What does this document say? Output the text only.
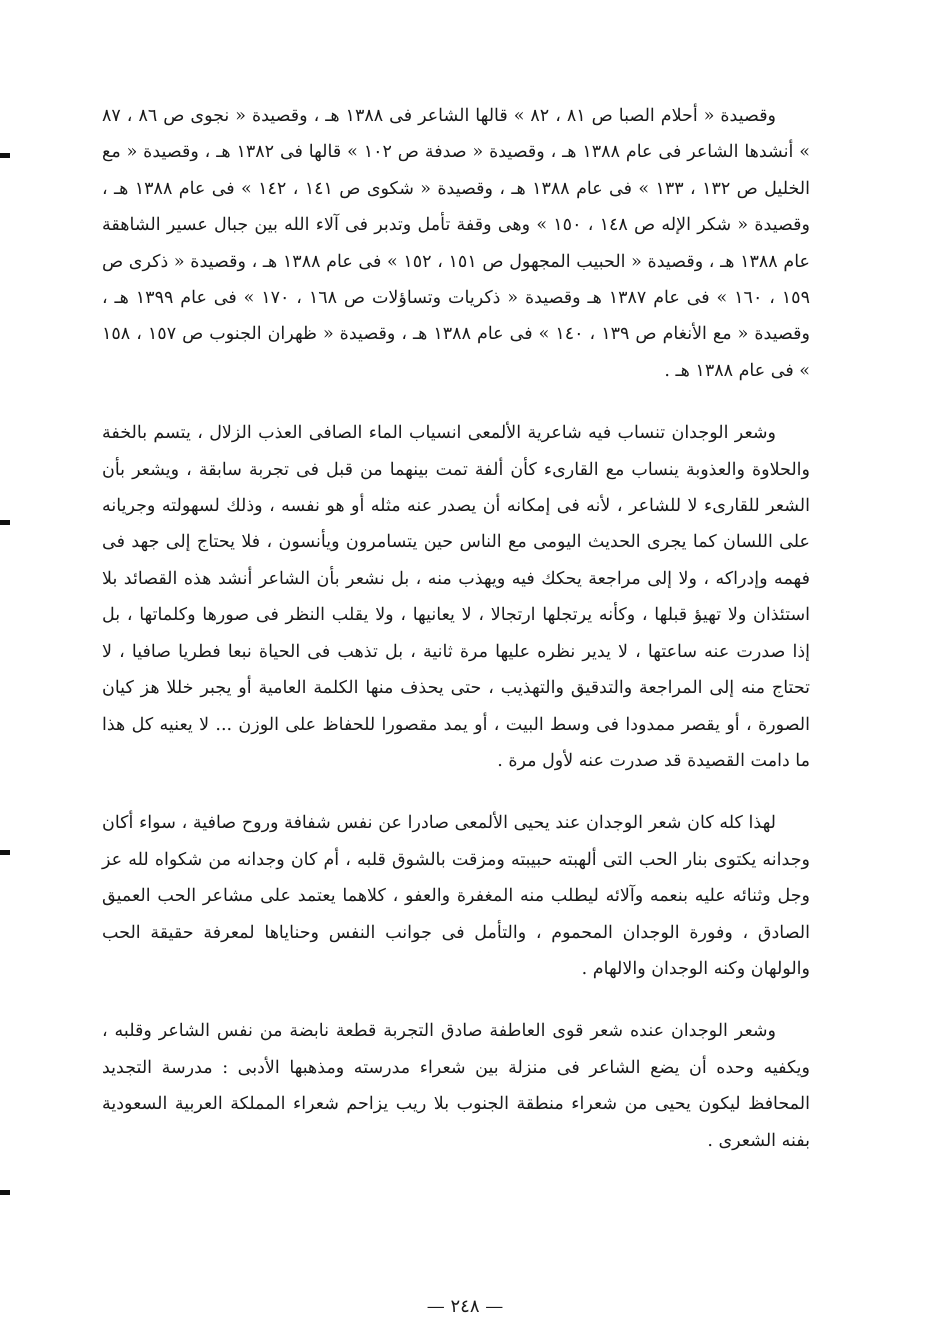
وقصيدة « أحلام الصبا ص ٨١ ، ٨٢ » قالها الشاعر فى ١٣٨٨ هـ ، وقصيدة « نجوى ص ٨٦ ، ٨٧ » أنشدها الشاعر فى عام ١٣٨٨ هـ ، وقصيدة « صدفة ص ١٠٢ » قالها فى ١٣٨٢ هـ ، وقصيدة « مع الخليل ص ١٣٢ ، ١٣٣ » فى عام ١٣٨٨ هـ ، وقصيدة « شكوى ص ١٤١ ، ١٤٢ » فى عام ١٣٨٨ هـ ، وقصيدة « شكر الإله ص ١٤٨ ، ١٥٠ » وهى وقفة تأمل وتدبر فى آلاء الله بين جبال عسير الشاهقة عام ١٣٨٨ هـ ، وقصيدة « الحبيب المجهول ص ١٥١ ، ١٥٢ » فى عام ١٣٨٨ هـ ، وقصيدة « ذكرى ص ١٥٩ ، ١٦٠ » فى عام ١٣٨٧ هـ وقصيدة « ذكريات وتساؤلات ص ١٦٨ ، ١٧٠ » فى عام ١٣٩٩ هـ ، وقصيدة « مع الأنغام ص ١٣٩ ، ١٤٠ » فى عام ١٣٨٨ هـ ، وقصيدة « ظهران الجنوب ص ١٥٧ ، ١٥٨ » فى عام ١٣٨٨ هـ .

وشعر الوجدان تنساب فيه شاعرية الألمعى انسياب الماء الصافى العذب الزلال ، يتسم بالخفة والحلاوة والعذوبة ينساب مع القارىء كأن ألفة تمت بينهما من قبل فى تجربة سابقة ، ويشعر بأن الشعر للقارىء لا للشاعر ، لأنه فى إمكانه أن يصدر عنه مثله أو هو نفسه ، وذلك لسهولته وجريانه على اللسان كما يجرى الحديث اليومى مع الناس حين يتسامرون ويأنسون ، فلا يحتاج إلى جهد فى فهمه وإدراكه ، ولا إلى مراجعة يحكك فيه ويهذب منه ، بل نشعر بأن الشاعر أنشد هذه القصائد بلا استئذان ولا تهيؤ قبلها ، وكأنه يرتجلها ارتجالا ، لا يعانيها ، ولا يقلب النظر فى صورها وكلماتها ، بل إذا صدرت عنه ساعتها ، لا يدير نظره عليها مرة ثانية ، بل تذهب فى الحياة نبعا فطريا صافيا ، لا تحتاج منه إلى المراجعة والتدقيق والتهذيب ، حتى يحذف منها الكلمة العامية أو يجبر خللا هز كيان الصورة ، أو يقصر ممدودا فى وسط البيت ، أو يمد مقصورا للحفاظ على الوزن ... لا يعنيه كل هذا ما دامت القصيدة قد صدرت عنه لأول مرة .

لهذا كله كان شعر الوجدان عند يحيى الألمعى صادرا عن نفس شفافة وروح صافية ، سواء أكان وجدانه يكتوى بنار الحب التى ألهبته حبيبته ومزقت بالشوق قلبه ، أم كان وجدانه من شكواه لله عز وجل وثنائه عليه بنعمه وآلائه ليطلب منه المغفرة والعفو ، كلاهما يعتمد على مشاعر الحب العميق الصادق ، وفورة الوجدان المحموم ، والتأمل فى جوانب النفس وحناياها لمعرفة حقيقة الحب والولهان وكنه الوجدان والالهام .

وشعر الوجدان عنده شعر قوى العاطفة صادق التجربة قطعة نابضة من نفس الشاعر وقلبه ، ويكفيه وحده أن يضع الشاعر فى منزلة بين شعراء مدرسته ومذهبها الأدبى : مدرسة التجديد المحافظ ليكون يحيى من شعراء منطقة الجنوب بلا ريب يزاحم شعراء المملكة العربية السعودية بفنه الشعرى .

— ٢٤٨ —
